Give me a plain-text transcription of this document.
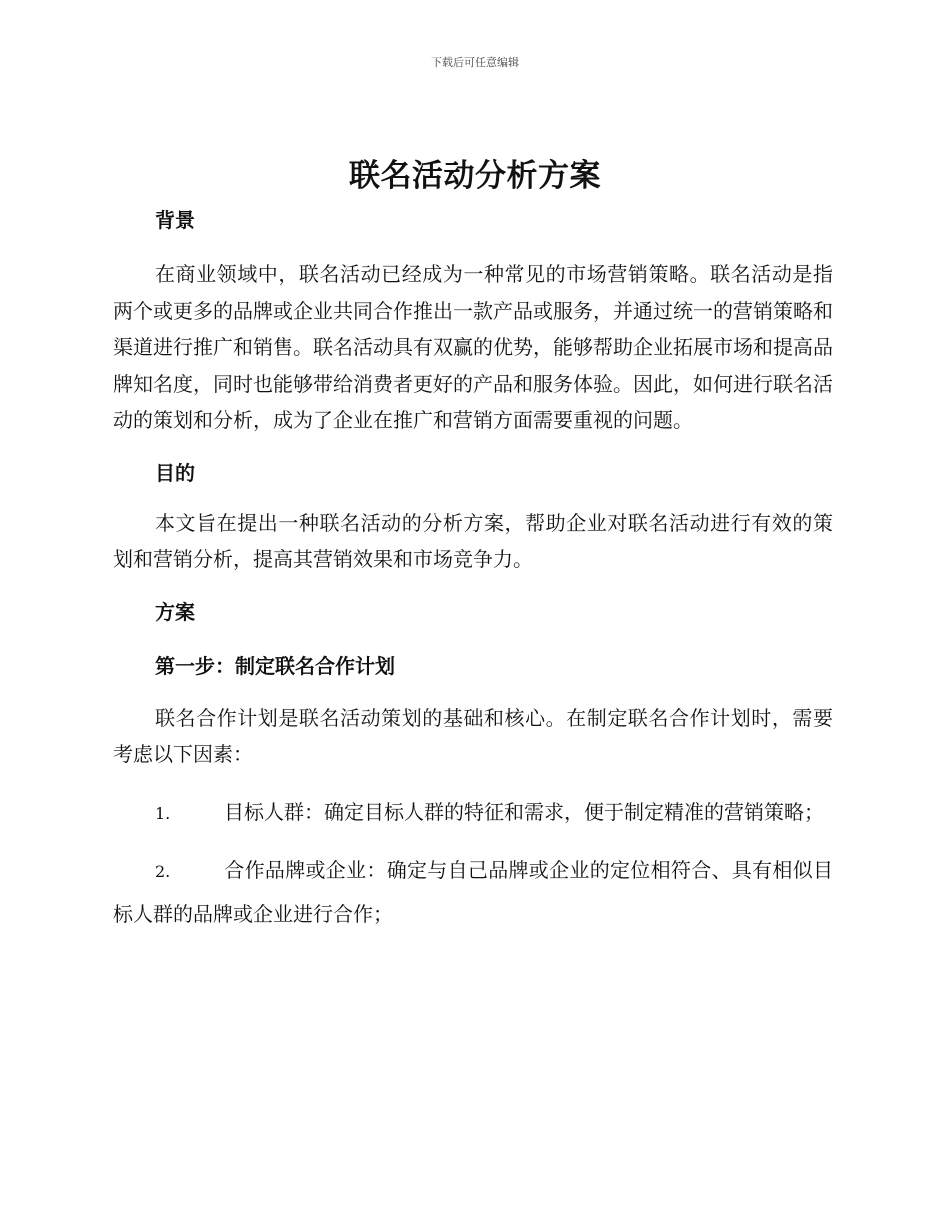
下载后可任意编辑
联名活动分析方案
背景

在商业领域中，联名活动已经成为一种常见的市场营销策略。联名活动是指两个或更多的品牌或企业共同合作推出一款产品或服务，并通过统一的营销策略和渠道进行推广和销售。联名活动具有双赢的优势，能够帮助企业拓展市场和提高品牌知名度，同时也能够带给消费者更好的产品和服务体验。因此，如何进行联名活动的策划和分析，成为了企业在推广和营销方面需要重视的问题。

目的

本文旨在提出一种联名活动的分析方案，帮助企业对联名活动进行有效的策划和营销分析，提高其营销效果和市场竞争力。

方案
第一步：制定联名合作计划

联名合作计划是联名活动策划的基础和核心。在制定联名合作计划时，需要考虑以下因素：

1.	目标人群：确定目标人群的特征和需求，便于制定精准的营销策略；

2.	合作品牌或企业：确定与自己品牌或企业的定位相符合、具有相似目标人群的品牌或企业进行合作；
